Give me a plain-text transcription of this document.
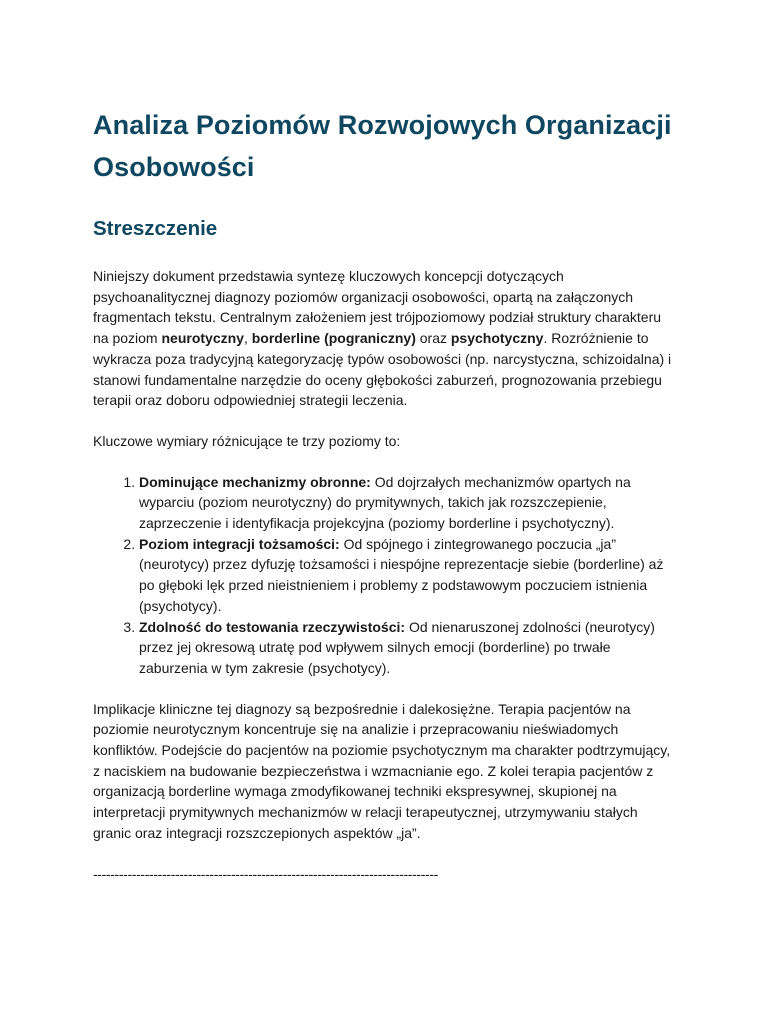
Analiza Poziomów Rozwojowych Organizacji Osobowości
Streszczenie

Niniejszy dokument przedstawia syntezę kluczowych koncepcji dotyczących psychoanalitycznej diagnozy poziomów organizacji osobowości, opartą na załączonych fragmentach tekstu. Centralnym założeniem jest trójpoziomowy podział struktury charakteru na poziom neurotyczny, borderline (pograniczny) oraz psychotyczny. Rozróżnienie to wykracza poza tradycyjną kategoryzację typów osobowości (np. narcystyczna, schizoidalna) i stanowi fundamentalne narzędzie do oceny głębokości zaburzeń, prognozowania przebiegu terapii oraz doboru odpowiedniej strategii leczenia.

Kluczowe wymiary różnicujące te trzy poziomy to:

1. Dominujące mechanizmy obronne: Od dojrzałych mechanizmów opartych na wyparciu (poziom neurotyczny) do prymitywnych, takich jak rozszczepienie, zaprzeczenie i identyfikacja projekcyjna (poziomy borderline i psychotyczny).
2. Poziom integracji tożsamości: Od spójnego i zintegrowanego poczucia „ja” (neurotycy) przez dyfuzję tożsamości i niespójne reprezentacje siebie (borderline) aż po głęboki lęk przed nieistnieniem i problemy z podstawowym poczuciem istnienia (psychotycy).
3. Zdolność do testowania rzeczywistości: Od nienaruszonej zdolności (neurotycy) przez jej okresową utratę pod wpływem silnych emocji (borderline) po trwałe zaburzenia w tym zakresie (psychotycy).

Implikacje kliniczne tej diagnozy są bezpośrednie i dalekosiężne. Terapia pacjentów na poziomie neurotycznym koncentruje się na analizie i przepracowaniu nieświadomych konfliktów. Podejście do pacjentów na poziomie psychotycznym ma charakter podtrzymujący, z naciskiem na budowanie bezpieczeństwa i wzmacnianie ego. Z kolei terapia pacjentów z organizacją borderline wymaga zmodyfikowanej techniki ekspresywnej, skupionej na interpretacji prymitywnych mechanizmów w relacji terapeutycznej, utrzymywaniu stałych granic oraz integracji rozszczepionych aspektów „ja”.

--------------------------------------------------------------------------------
